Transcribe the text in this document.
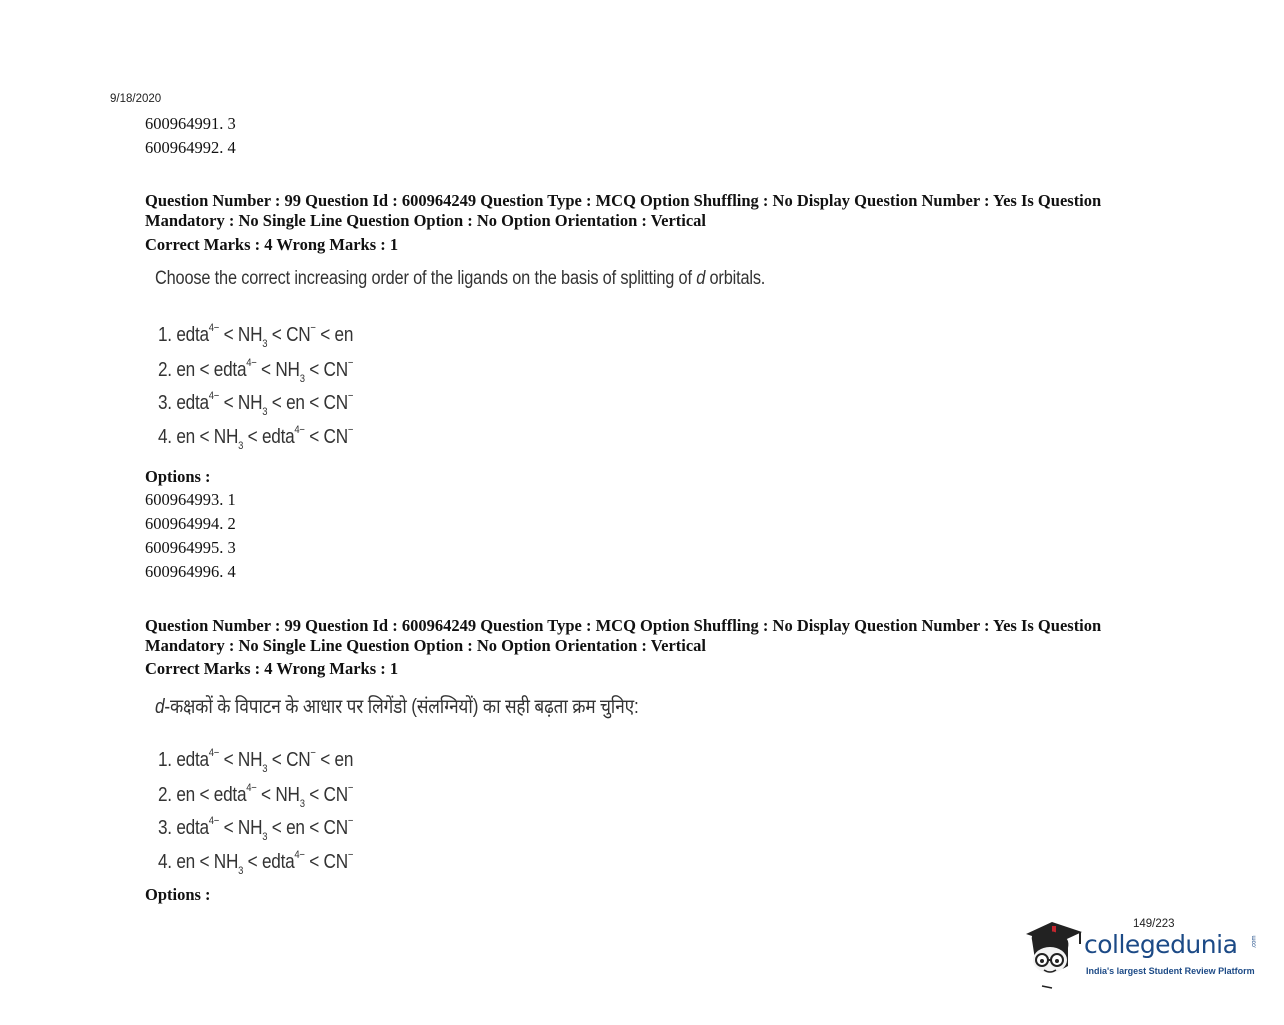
9/18/2020
600964991. 3
600964992. 4
Question Number : 99 Question Id : 600964249 Question Type : MCQ Option Shuffling : No Display Question Number : Yes Is Question Mandatory : No Single Line Question Option : No Option Orientation : Vertical
Correct Marks : 4 Wrong Marks : 1
Choose the correct increasing order of the ligands on the basis of splitting of d orbitals.
1. edta$^{4-}$ < $NH_3 < CN^-$ < en
2. en < edta$^{4-}$ < $NH_3 < CN^-$
3. edta$^{4-}$ < $NH_3$ < en < CN−
4. en < $NH_3$ < edta$^{4-}$ < CN−
Options :
600964993. 1
600964994. 2
600964995. 3
600964996. 4
Question Number : 99 Question Id : 600964249 Question Type : MCQ Option Shuffling : No Display Question Number : Yes Is Question Mandatory : No Single Line Question Option : No Option Orientation : Vertical
Correct Marks : 4 Wrong Marks : 1
d-कक्षकों के विपाटन के आधार पर लिगेंडो (संलग्नियों) का सही बढ़ता क्रम चुनिए:
1. edta$^{4-}$ < $NH_3 < CN^-$ < en
2. en < edta$^{4-}$ < $NH_3 < CN^-$
3. edta$^{4-}$ < $NH_3$ < en < CN−
4. en < $NH_3$ < edta$^{4-}$ < CN−
Options :
149/223
collegedunia .com
India's largest Student Review Platform
